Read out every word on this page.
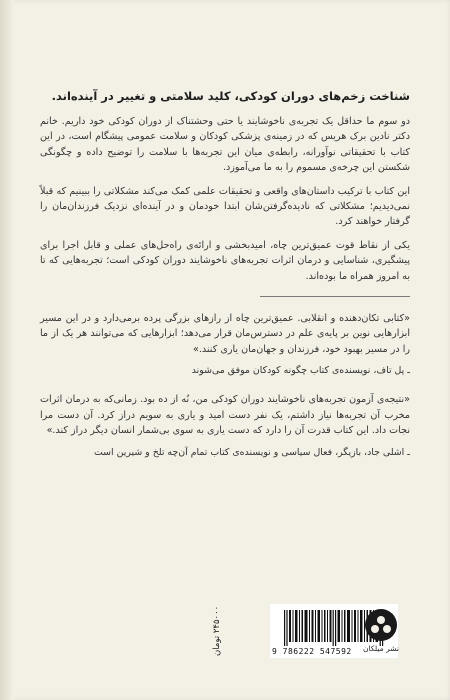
شناخت زخم‌های دوران کودکی، کلید سلامتی و تغییر در آینده‌اند.

دو سوم ما حداقل یک تجربه‌ی ناخوشایند یا حتی وحشتناک از دوران کودکی خود داریم. خانم دکتر نادین برک هریس که در زمینه‌ی پزشکی کودکان و سلامت عمومی پیشگام است، در این کتاب با تحقیقاتی نوآورانه، رابطه‌ی میان این تجربه‌ها با سلامت را توضیح داده و چگونگی شکستن این چرخه‌ی مسموم را به ما می‌آموزد.

این کتاب با ترکیب داستان‌های واقعی و تحقیقات علمی کمک می‌کند مشکلاتی را ببینیم که قبلاً نمی‌دیدیم؛ مشکلاتی که نادیده‌گرفتن‌شان ابتدا خودمان و در آینده‌ای نزدیک فرزندان‌مان را گرفتار خواهند کرد.

یکی از نقاط قوت عمیق‌ترین چاه، امیدبخشی و ارائه‌ی راه‌حل‌های عملی و قابل اجرا برای پیشگیری، شناسایی و درمان اثرات تجربه‌های ناخوشایند دوران کودکی است؛ تجربه‌هایی که تا به امروز همراه ما بوده‌اند.

«کتابی تکان‌دهنده و انقلابی. عمیق‌ترین چاه از رازهای بزرگی پرده برمی‌دارد و در این مسیر ابزارهایی نوین بر پایه‌ی علم در دسترس‌مان قرار می‌دهد؛ ابزارهایی که می‌توانند هر یک از ما را در مسیر بهبود خود، فرزندان و جهان‌مان یاری کنند.»

ـ پل تاف، نویسنده‌ی کتاب چگونه کودکان موفق می‌شوند

«نتیجه‌ی آزمون تجربه‌های ناخوشایند دوران کودکی من، نُه از ده بود. زمانی‌که به درمان اثرات مخرب آن تجربه‌ها نیاز داشتم، یک نفر دست امید و یاری به سویم دراز کرد. آن دست مرا نجات داد. این کتاب قدرت آن را دارد که دست یاری به سوی بی‌شمار انسان دیگر دراز کند.»

ـ اشلی جاد، بازیگر، فعال سیاسی و نویسنده‌ی کتاب تمام آن‌چه تلخ و شیرین است

۲۴۵۰۰۰ تومان
9 786222 547592	نشر میلکان
